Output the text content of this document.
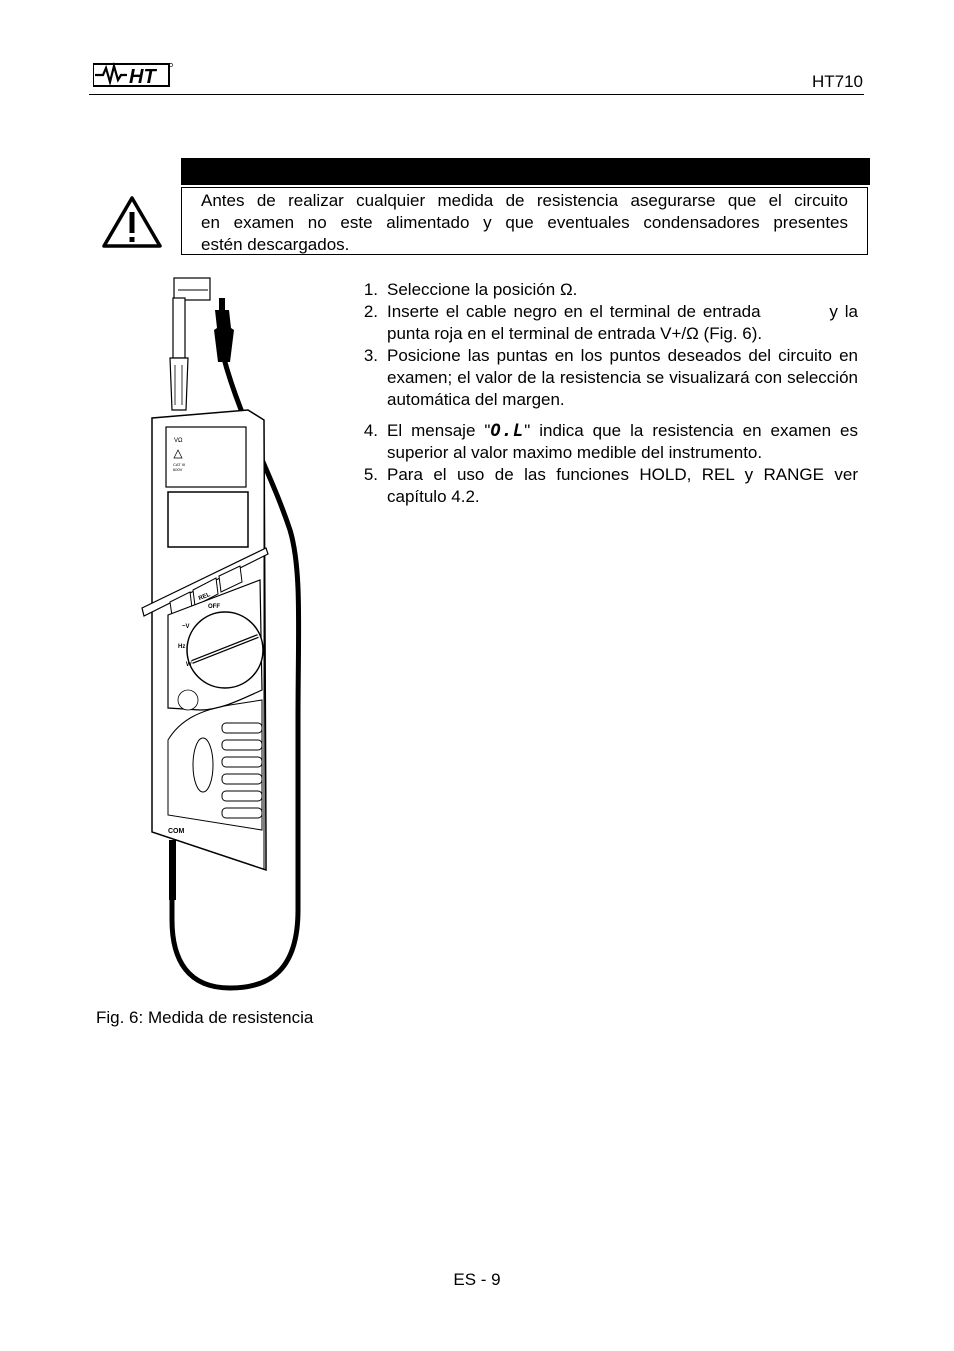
HT	HT710
Antes de realizar cualquier medida de resistencia asegurarse que el circuito
en examen no este alimentado y que eventuales condensadores presentes
estén descargados.
1. Seleccione la posición Ω.
2. Inserte el cable negro en el terminal de entrada          y la punta roja en el terminal de entrada V+/Ω (Fig. 6).
3. Posicione las puntas en los puntos deseados del circuito en examen; el valor de la resistencia se visualizará con selección automática del margen.
4. El mensaje "O.L" indica que la resistencia en examen es superior al valor maximo medible del instrumento.
5. Para el uso de las funciones HOLD, REL y RANGE ver capítulo 4.2.
VΩ
CAT III
600V
REL
OFF
~V
Hz
W
COM
Fig. 6: Medida de resistencia
ES - 9
